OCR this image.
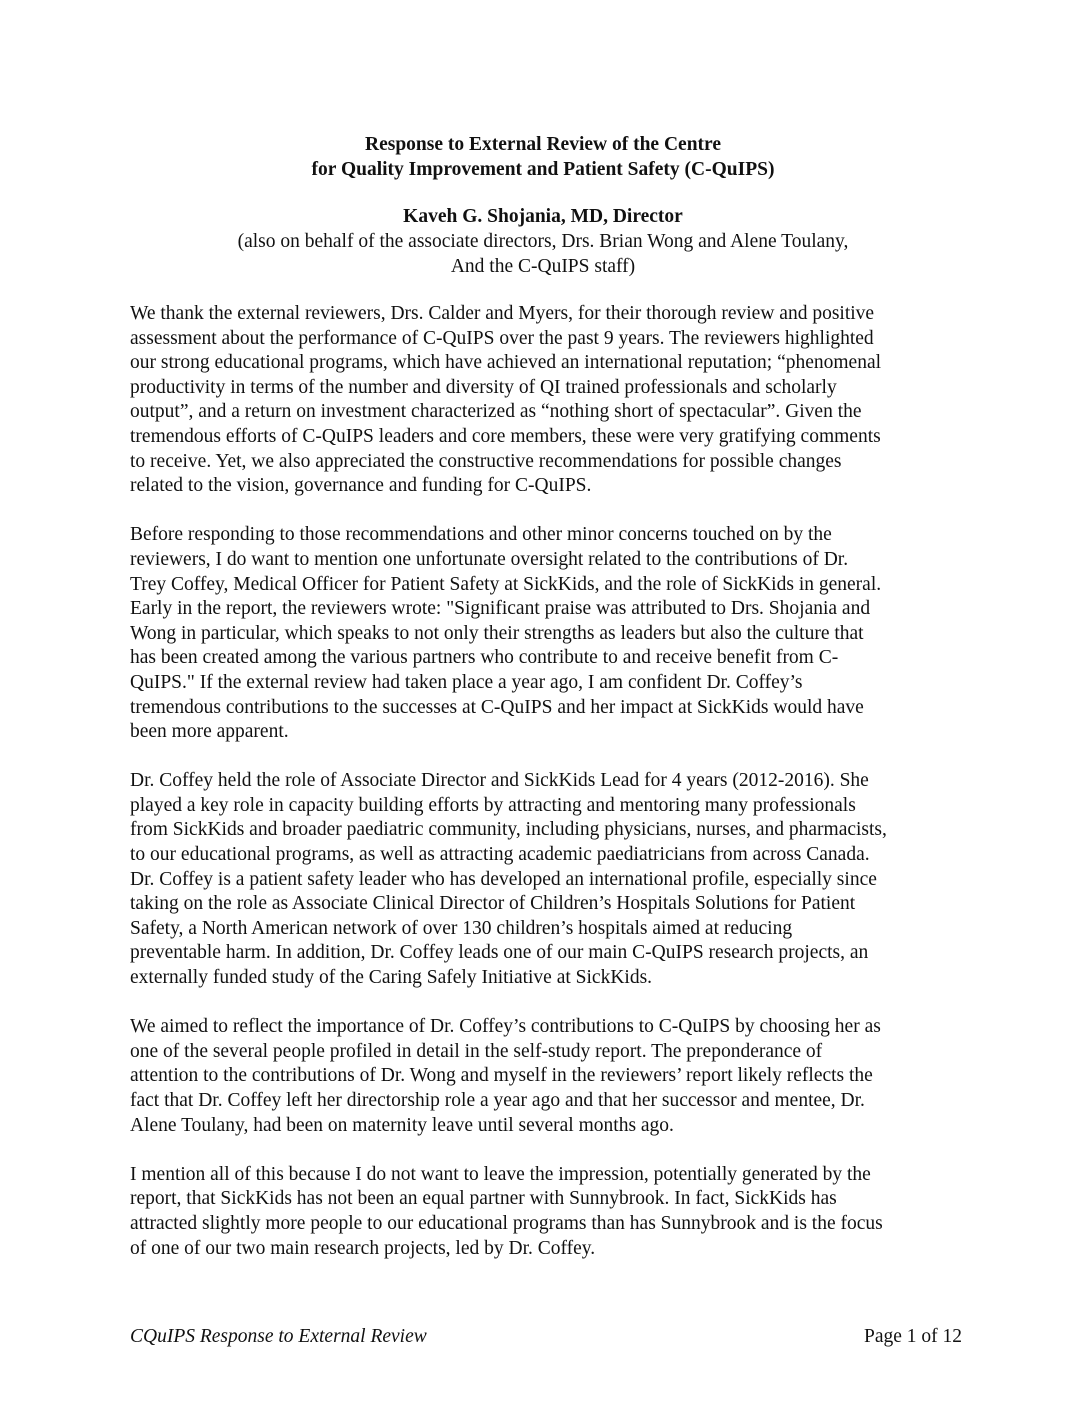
Response to External Review of the Centre
for Quality Improvement and Patient Safety (C-QuIPS)
Kaveh G. Shojania, MD, Director
(also on behalf of the associate directors, Drs. Brian Wong and Alene Toulany,
And the C-QuIPS staff)

We thank the external reviewers, Drs. Calder and Myers, for their thorough review and positive
assessment about the performance of C-QuIPS over the past 9 years. The reviewers highlighted
our strong educational programs, which have achieved an international reputation; “phenomenal
productivity in terms of the number and diversity of QI trained professionals and scholarly
output”, and a return on investment characterized as “nothing short of spectacular”. Given the
tremendous efforts of C-QuIPS leaders and core members, these were very gratifying comments
to receive. Yet, we also appreciated the constructive recommendations for possible changes
related to the vision, governance and funding for C-QuIPS.

Before responding to those recommendations and other minor concerns touched on by the
reviewers, I do want to mention one unfortunate oversight related to the contributions of Dr.
Trey Coffey, Medical Officer for Patient Safety at SickKids, and the role of SickKids in general.
Early in the report, the reviewers wrote: "Significant praise was attributed to Drs. Shojania and
Wong in particular, which speaks to not only their strengths as leaders but also the culture that
has been created among the various partners who contribute to and receive benefit from C-
QuIPS." If the external review had taken place a year ago, I am confident Dr. Coffey’s
tremendous contributions to the successes at C-QuIPS and her impact at SickKids would have
been more apparent.

Dr. Coffey held the role of Associate Director and SickKids Lead for 4 years (2012-2016). She
played a key role in capacity building efforts by attracting and mentoring many professionals
from SickKids and broader paediatric community, including physicians, nurses, and pharmacists,
to our educational programs, as well as attracting academic paediatricians from across Canada.
Dr. Coffey is a patient safety leader who has developed an international profile, especially since
taking on the role as Associate Clinical Director of Children’s Hospitals Solutions for Patient
Safety, a North American network of over 130 children’s hospitals aimed at reducing
preventable harm. In addition, Dr. Coffey leads one of our main C-QuIPS research projects, an
externally funded study of the Caring Safely Initiative at SickKids.

We aimed to reflect the importance of Dr. Coffey’s contributions to C-QuIPS by choosing her as
one of the several people profiled in detail in the self-study report. The preponderance of
attention to the contributions of Dr. Wong and myself in the reviewers’ report likely reflects the
fact that Dr. Coffey left her directorship role a year ago and that her successor and mentee, Dr.
Alene Toulany, had been on maternity leave until several months ago.

I mention all of this because I do not want to leave the impression, potentially generated by the
report, that SickKids has not been an equal partner with Sunnybrook. In fact, SickKids has
attracted slightly more people to our educational programs than has Sunnybrook and is the focus
of one of our two main research projects, led by Dr. Coffey.

CQuIPS Response to External Review	Page 1 of 12
